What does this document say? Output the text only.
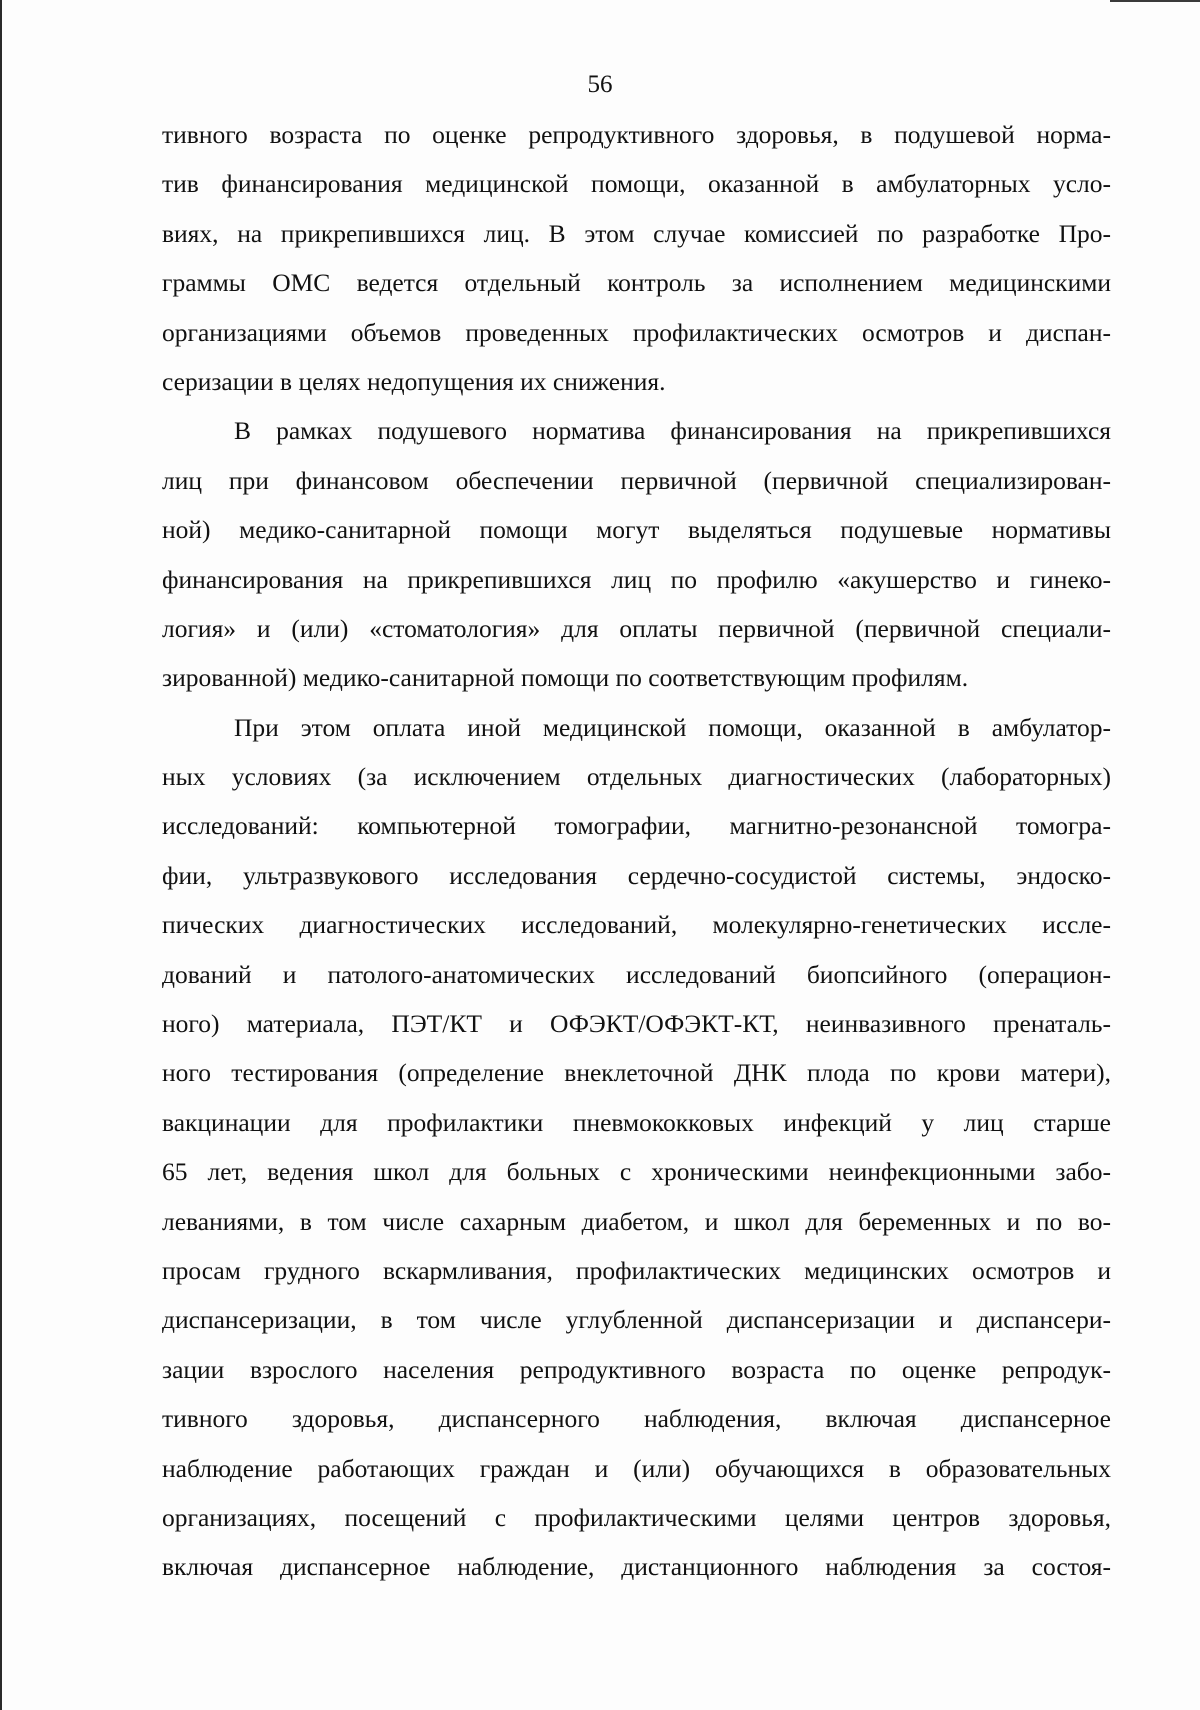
56

тивного возраста по оценке репродуктивного здоровья, в подушевой норма-
тив финансирования медицинской помощи, оказанной в амбулаторных усло-
виях, на прикрепившихся лиц. В этом случае комиссией по разработке Про-
граммы ОМС ведется отдельный контроль за исполнением медицинскими
организациями объемов проведенных профилактических осмотров и диспан-
серизации в целях недопущения их снижения.

В рамках подушевого норматива финансирования на прикрепившихся
лиц при финансовом обеспечении первичной (первичной специализирован-
ной) медико-санитарной помощи могут выделяться подушевые нормативы
финансирования на прикрепившихся лиц по профилю «акушерство и гинеко-
логия» и (или) «стоматология» для оплаты первичной (первичной специали-
зированной) медико-санитарной помощи по соответствующим профилям.

При этом оплата иной медицинской помощи, оказанной в амбулатор-
ных условиях (за исключением отдельных диагностических (лабораторных)
исследований: компьютерной томографии, магнитно-резонансной томогра-
фии, ультразвукового исследования сердечно-сосудистой системы, эндоско-
пических диагностических исследований, молекулярно-генетических иссле-
дований и патолого-анатомических исследований биопсийного (операцион-
ного) материала, ПЭТ/КТ и ОФЭКТ/ОФЭКТ-КТ, неинвазивного пренаталь-
ного тестирования (определение внеклеточной ДНК плода по крови матери),
вакцинации для профилактики пневмококковых инфекций у лиц старше
65 лет, ведения школ для больных с хроническими неинфекционными забо-
леваниями, в том числе сахарным диабетом, и школ для беременных и по во-
просам грудного вскармливания, профилактических медицинских осмотров и
диспансеризации, в том числе углубленной диспансеризации и диспансери-
зации взрослого населения репродуктивного возраста по оценке репродук-
тивного здоровья, диспансерного наблюдения, включая диспансерное
наблюдение работающих граждан и (или) обучающихся в образовательных
организациях, посещений с профилактическими целями центров здоровья,
включая диспансерное наблюдение, дистанционного наблюдения за состоя-
